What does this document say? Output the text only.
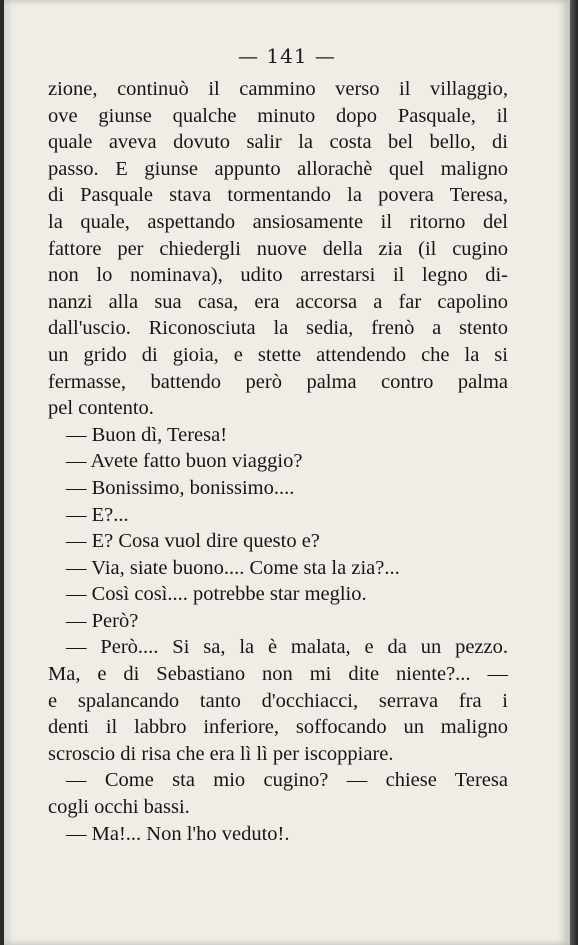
— 141 —
zione, continuò il cammino verso il villaggio,
ove giunse qualche minuto dopo Pasquale, il
quale aveva dovuto salir la costa bel bello, di
passo. E giunse appunto allorachè quel maligno
di Pasquale stava tormentando la povera Teresa,
la quale, aspettando ansiosamente il ritorno del
fattore per chiedergli nuove della zia (il cugino
non lo nominava), udito arrestarsi il legno di-
nanzi alla sua casa, era accorsa a far capolino
dall'uscio. Riconosciuta la sedia, frenò a stento
un grido di gioia, e stette attendendo che la si
fermasse, battendo però palma contro palma
pel contento.
— Buon dì, Teresa!
— Avete fatto buon viaggio?
— Bonissimo, bonissimo....
— E?...
— E? Cosa vuol dire questo e?
— Via, siate buono.... Come sta la zia?...
— Così così.... potrebbe star meglio.
— Però?
— Però.... Si sa, la è malata, e da un pezzo.
Ma, e di Sebastiano non mi dite niente?... —
e spalancando tanto d'occhiacci, serrava fra i
denti il labbro inferiore, soffocando un maligno
scroscio di risa che era lì lì per iscoppiare.
— Come sta mio cugino? — chiese Teresa
cogli occhi bassi.
— Ma!... Non l'ho veduto!.
